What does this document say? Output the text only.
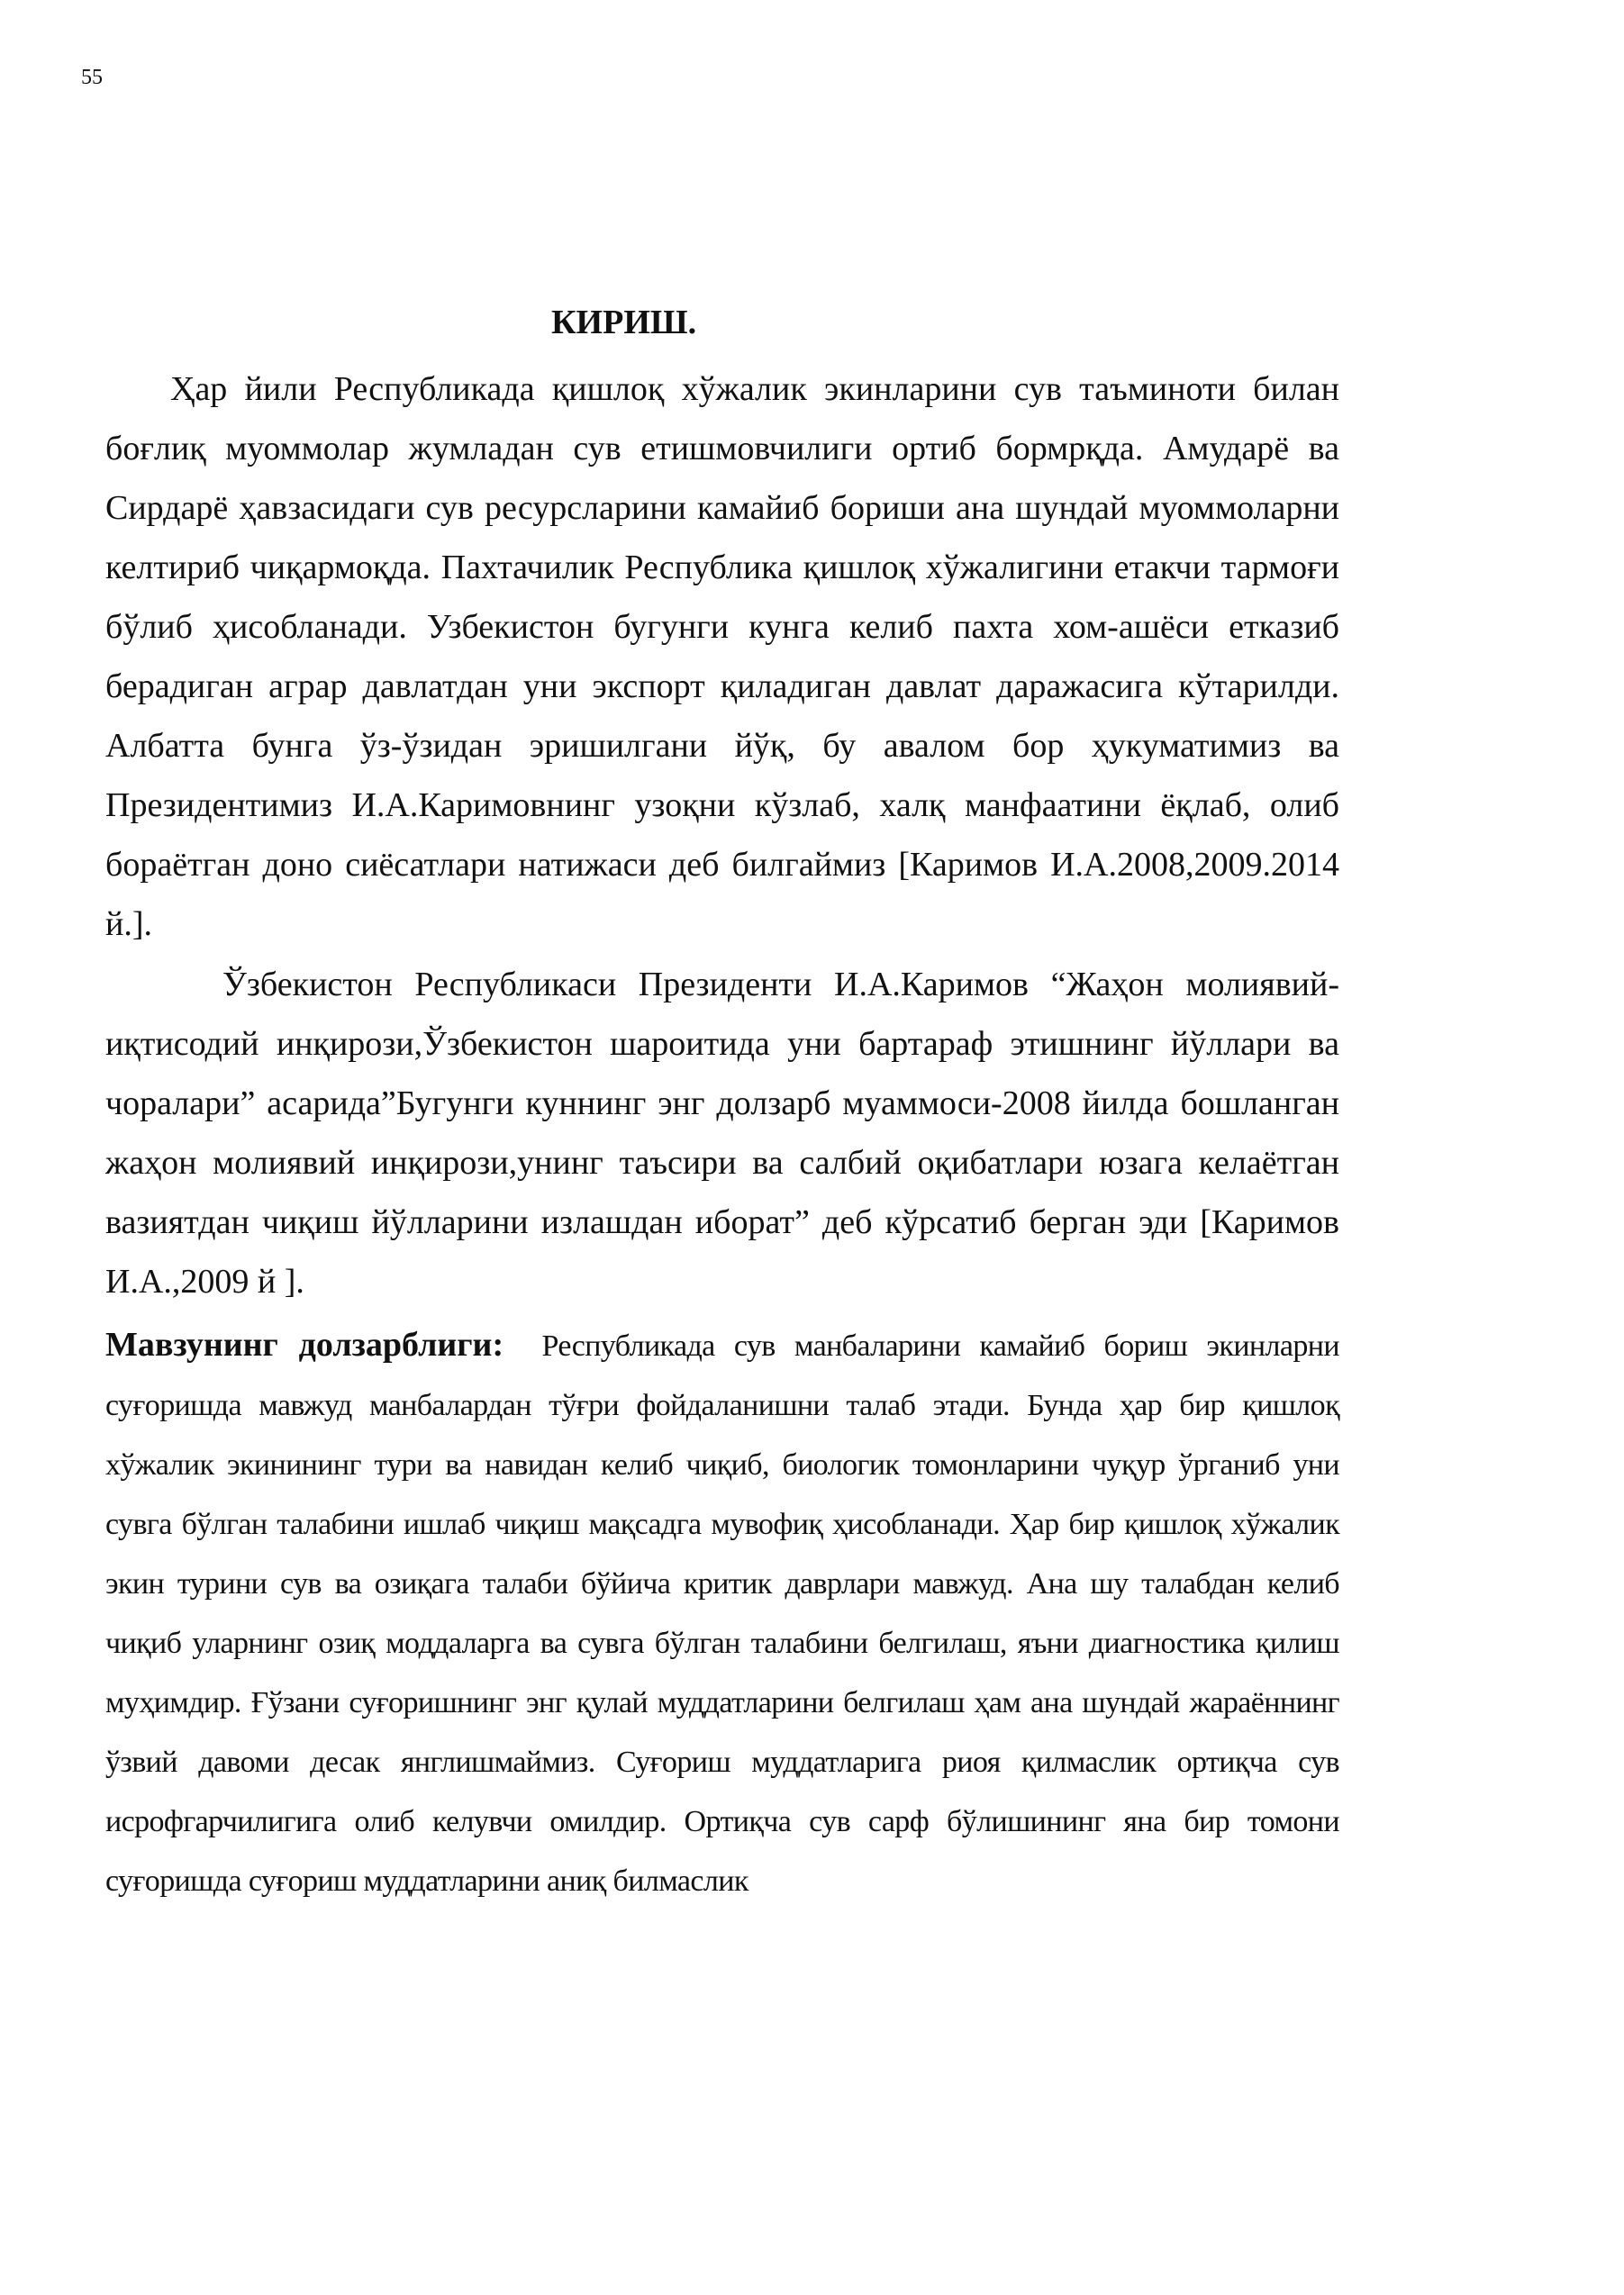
55
КИРИШ.

Ҳар йили Республикада қишлоқ хўжалик экинларини сув таъминоти билан боғлиқ муоммолар жумладан сув етишмовчилиги ортиб бормрқда. Амударё ва Сирдарё ҳавзасидаги сув ресурсларини камайиб бориши ана шундай муоммоларни келтириб чиқармоқда. Пахтачилик Республика қишлоқ хўжалигини етакчи тармоғи бўлиб ҳисобланади. Узбекистон бугунги кунга келиб пахта хом-ашёси етказиб берадиган аграр давлатдан уни экспорт қиладиган давлат даражасига кўтарилди. Албатта бунга ўз-ўзидан эришилгани йўқ, бу авалом бор ҳукуматимиз ва Президентимиз И.А.Каримовнинг узоқни кўзлаб, халқ манфаатини ёқлаб, олиб бораётган доно сиёсатлари натижаси деб билгаймиз [Каримов И.А.2008,2009.2014 й.].

Ўзбекистон Республикаси Президенти И.А.Каримов “Жаҳон молиявий-иқтисодий инқирози,Ўзбекистон шароитида уни бартараф этишнинг йўллари ва чоралари” асарида”Бугунги куннинг энг долзарб муаммоси-2008 йилда бошланган жаҳон молиявий инқирози,унинг таъсири ва салбий оқибатлари юзага келаётган вазиятдан чиқиш йўлларини излашдан иборат” деб кўрсатиб берган эди [Каримов И.А.,2009 й ].

Мавзунинг долзарблиги: Республикада сув манбаларини камайиб бориш экинларни суғоришда мавжуд манбалардан тўғри фойдаланишни талаб этади. Бунда ҳар бир қишлоқ хўжалик экинининг тури ва навидан келиб чиқиб, биологик томонларини чуқур ўрганиб уни сувга бўлган талабини ишлаб чиқиш мақсадга мувофиқ ҳисобланади. Ҳар бир қишлоқ хўжалик экин турини сув ва озиқага талаби бўйича критик даврлари мавжуд. Ана шу талабдан келиб чиқиб уларнинг озиқ моддаларга ва сувга бўлган талабини белгилаш, яъни диагностика қилиш муҳимдир. Ғўзани суғоришнинг энг қулай муддатларини белгилаш ҳам ана шундай жараённинг ўзвий давоми десак янглишмаймиз. Суғориш муддатларига риоя қилмаслик ортиқча сув исрофгарчилигига олиб келувчи омилдир. Ортиқча сув сарф бўлишининг яна бир томони суғоришда суғориш муддатларини аниқ билмаслик
